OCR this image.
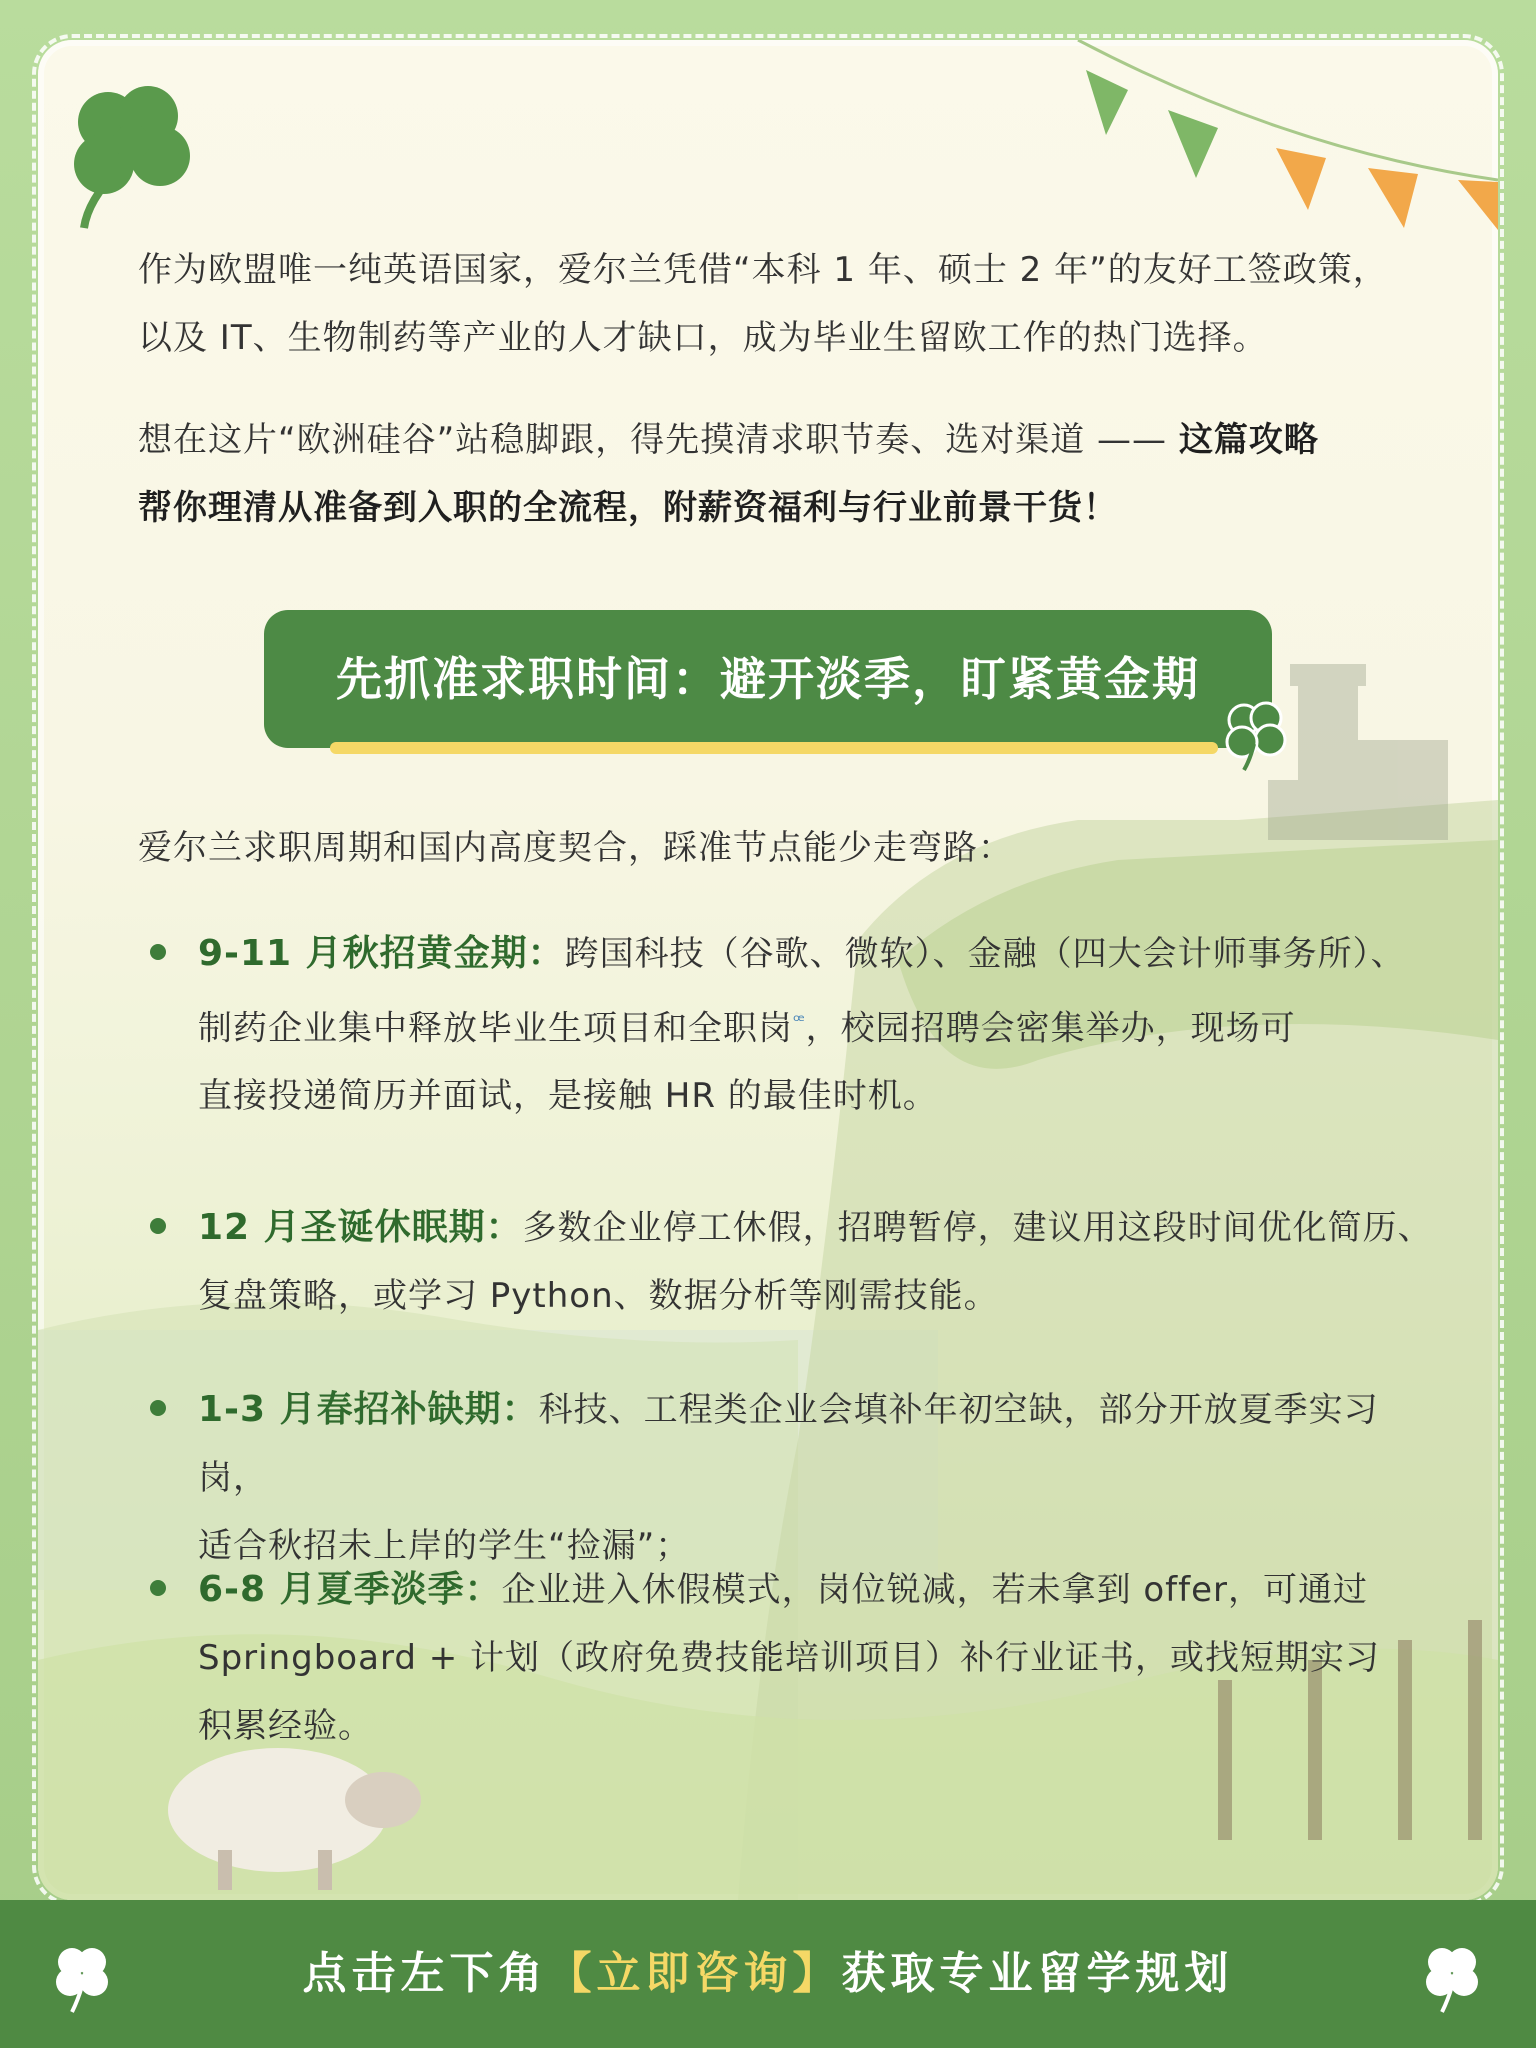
作为欧盟唯一纯英语国家，爱尔兰凭借“本科 1 年、硕士 2 年”的友好工签政策，
以及 IT、生物制药等产业的人才缺口，成为毕业生留欧工作的热门选择。
想在这片“欧洲硅谷”站稳脚跟，得先摸清求职节奏、选对渠道 —— 这篇攻略
帮你理清从准备到入职的全流程，附薪资福利与行业前景干货！
先抓准求职时间：避开淡季，盯紧黄金期
爱尔兰求职周期和国内高度契合，踩准节点能少走弯路：
9-11 月秋招黄金期：跨国科技（谷歌、微软）、金融（四大会计师事务所）、
制药企业集中释放毕业生项目和全职岗$^ꟹ$，校园招聘会密集举办，现场可
直接投递简历并面试，是接触 HR 的最佳时机。
12 月圣诞休眠期：多数企业停工休假，招聘暂停，建议用这段时间优化简历、
复盘策略，或学习 Python、数据分析等刚需技能。
1-3 月春招补缺期：科技、工程类企业会填补年初空缺，部分开放夏季实习岗，
适合秋招未上岸的学生“捡漏”；
6-8 月夏季淡季：企业进入休假模式，岗位锐减，若未拿到 offer，可通过
Springboard + 计划（政府免费技能培训项目）补行业证书，或找短期实习
积累经验。
点击左下角【立即咨询】获取专业留学规划
